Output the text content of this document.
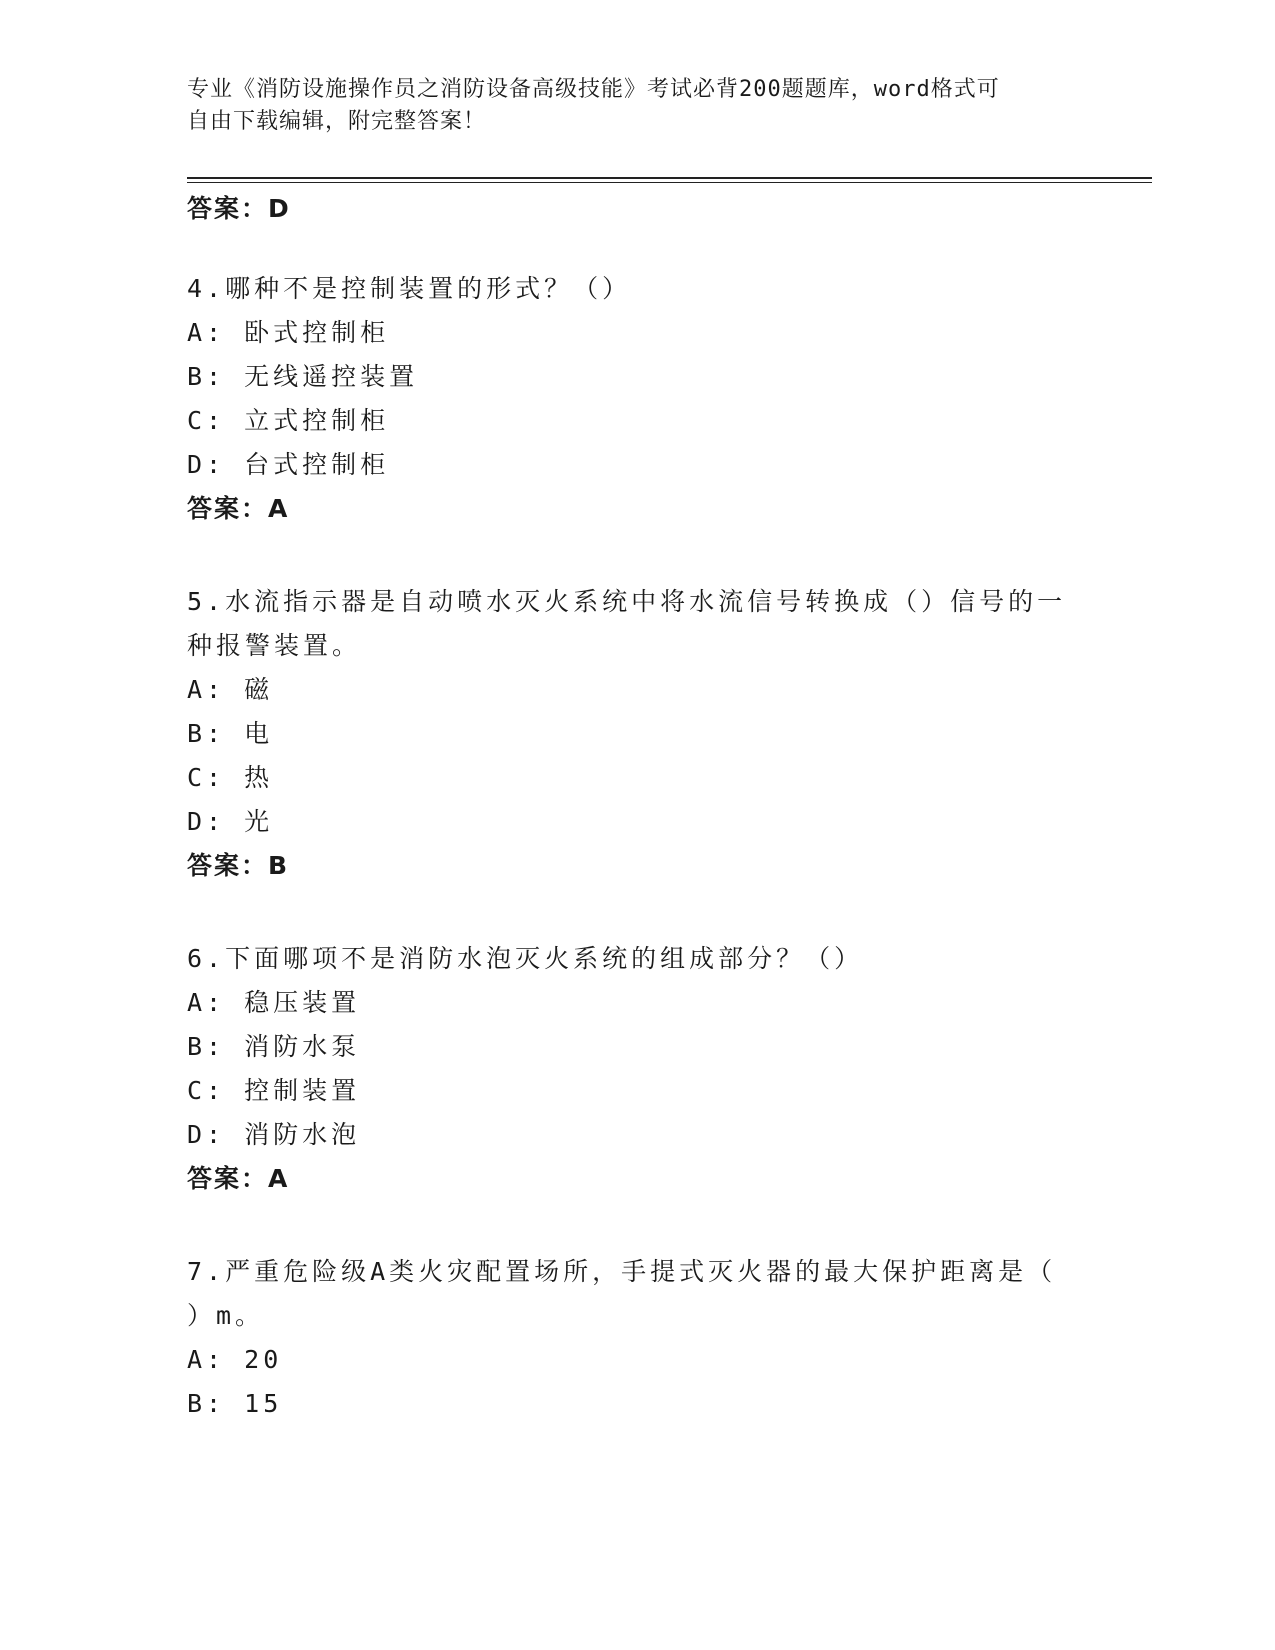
专业《消防设施操作员之消防设备高级技能》考试必背200题题库，word格式可
自由下载编辑，附完整答案！
答案：D
4.哪种不是控制装置的形式？（）
A: 卧式控制柜
B: 无线遥控装置
C: 立式控制柜
D: 台式控制柜
答案：A
5.水流指示器是自动喷水灭火系统中将水流信号转换成（）信号的一
种报警装置。
A: 磁
B: 电
C: 热
D: 光
答案：B
6.下面哪项不是消防水泡灭火系统的组成部分？（）
A: 稳压装置
B: 消防水泵
C: 控制装置
D: 消防水泡
答案：A
7.严重危险级A类火灾配置场所，手提式灭火器的最大保护距离是（
）m。
A: 20
B: 15
